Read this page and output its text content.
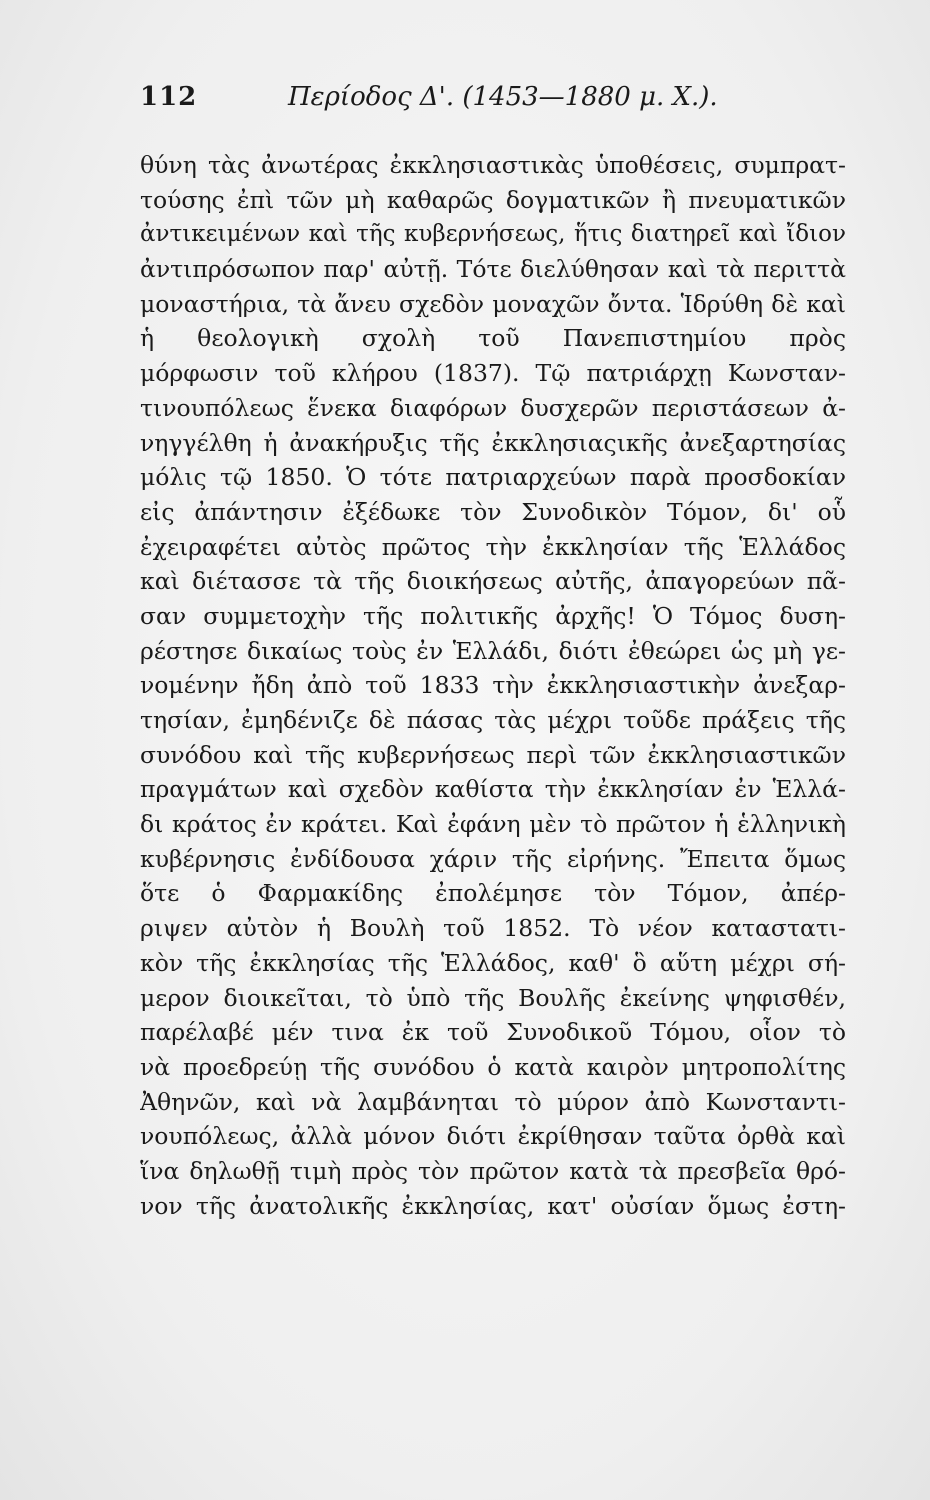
112	Περίοδος Δ'. (1453—1880 μ. Χ.).
θύνη τὰς ἀνωτέρας ἐκκλησιαστικὰς ὑποθέσεις, συμπρατ-
τούσης ἐπὶ τῶν μὴ καθαρῶς δογματικῶν ἢ πνευματικῶν
ἀντικειμένων καὶ τῆς κυβερνήσεως, ἥτις διατηρεῖ καὶ ἴδιον
ἀντιπρόσωπον παρ' αὐτῇ. Τότε διελύθησαν καὶ τὰ περιττὰ
μοναστήρια, τὰ ἄνευ σχεδὸν μοναχῶν ὄντα. Ἱδρύθη δὲ καὶ
ἡ θεολογικὴ σχολὴ τοῦ Πανεπιστημίου πρὸς
μόρφωσιν τοῦ κλήρου (1837). Τῷ πατριάρχῃ Κωνσταν-
τινουπόλεως ἕνεκα διαφόρων δυσχερῶν περιστάσεων ἀ-
νηγγέλθη ἡ ἀνακήρυξις τῆς ἐκκλησιαςικῆς ἀνεξαρτησίας
μόλις τῷ 1850. Ὁ τότε πατριαρχεύων παρὰ προσδοκίαν
εἰς ἀπάντησιν ἐξέδωκε τὸν Συνοδικὸν Τόμον, δι' οὗ
ἐχειραφέτει αὐτὸς πρῶτος τὴν ἐκκλησίαν τῆς Ἑλλάδος
καὶ διέτασσε τὰ τῆς διοικήσεως αὐτῆς, ἀπαγορεύων πᾶ-
σαν συμμετοχὴν τῆς πολιτικῆς ἀρχῆς! Ὁ Τόμος δυση-
ρέστησε δικαίως τοὺς ἐν Ἑλλάδι, διότι ἐθεώρει ὡς μὴ γε-
νομένην ἤδη ἀπὸ τοῦ 1833 τὴν ἐκκλησιαστικὴν ἀνεξαρ-
τησίαν, ἐμηδένιζε δὲ πάσας τὰς μέχρι τοῦδε πράξεις τῆς
συνόδου καὶ τῆς κυβερνήσεως περὶ τῶν ἐκκλησιαστικῶν
πραγμάτων καὶ σχεδὸν καθίστα τὴν ἐκκλησίαν ἐν Ἑλλά-
δι κράτος ἐν κράτει. Καὶ ἐφάνη μὲν τὸ πρῶτον ἡ ἑλληνικὴ
κυβέρνησις ἐνδίδουσα χάριν τῆς εἰρήνης. Ἔπειτα ὅμως
ὅτε ὁ Φαρμακίδης ἐπολέμησε τὸν Τόμον, ἀπέρ-
ριψεν αὐτὸν ἡ Βουλὴ τοῦ 1852. Τὸ νέον καταστατι-
κὸν τῆς ἐκκλησίας τῆς Ἑλλάδος, καθ' ὃ αὕτη μέχρι σή-
μερον διοικεῖται, τὸ ὑπὸ τῆς Βουλῆς ἐκείνης ψηφισθέν,
παρέλαβέ μέν τινα ἐκ τοῦ Συνοδικοῦ Τόμου, οἷον τὸ
νὰ προεδρεύῃ τῆς συνόδου ὁ κατὰ καιρὸν μητροπολίτης
Ἀθηνῶν, καὶ νὰ λαμβάνηται τὸ μύρον ἀπὸ Κωνσταντι-
νουπόλεως, ἀλλὰ μόνον διότι ἐκρίθησαν ταῦτα ὀρθὰ καὶ
ἵνα δηλωθῇ τιμὴ πρὸς τὸν πρῶτον κατὰ τὰ πρεσβεῖα θρό-
νον τῆς ἀνατολικῆς ἐκκλησίας, κατ' οὐσίαν ὅμως ἐστη-
